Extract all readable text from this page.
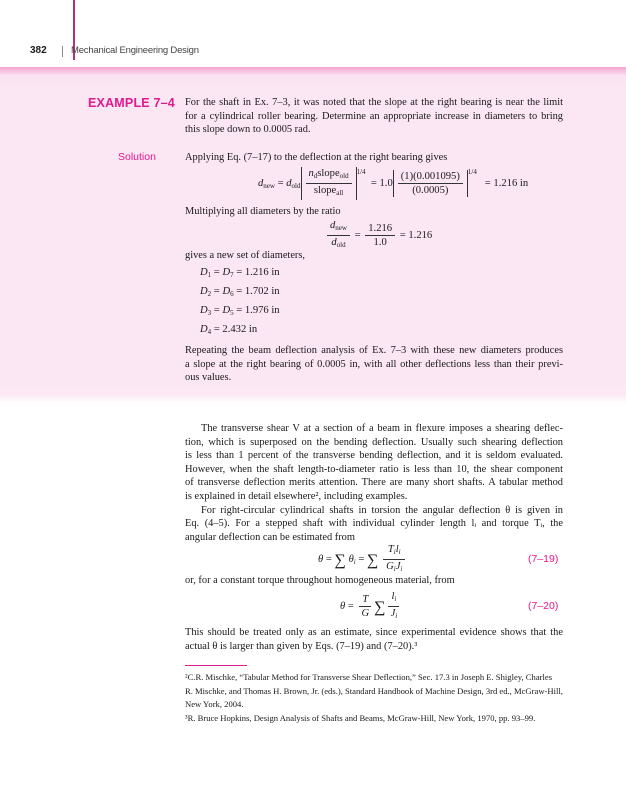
382	Mechanical Engineering Design
EXAMPLE 7–4 For the shaft in Ex. 7–3, it was noted that the slope at the right bearing is near the limit
for a cylindrical roller bearing. Determine an appropriate increase in diameters to bring
this slope down to 0.0005 rad.
Solution	Applying Eq. (7–17) to the deflection at the right bearing gives
$d_{new} = d_{old} \frac{n_dslope_{old}}{slope_{all}} ^{1/4} = 1.0 \frac{(1)(0.001095)}{(0.0005)} ^{1/4} = 1.216$ in
Multiplying all diameters by the ratio
$\frac{d_{new}}{d_{old}} = \frac{1.216}{1.0} = 1.216$
gives a new set of diameters,
$D_1 = D_7 = 1.216$ in
$D_2 = D_6 = 1.702$ in
$D_3 = D_5 = 1.976$ in
$D_4 = 2.432$ in
Repeating the beam deflection analysis of Ex. 7–3 with these new diameters produces
a slope at the right bearing of 0.0005 in, with all other deflections less than their previ-
ous values.
The transverse shear V at a section of a beam in flexure imposes a shearing deflec-
tion, which is superposed on the bending deflection. Usually such shearing deflection
is less than 1 percent of the transverse bending deflection, and it is seldom evaluated.
However, when the shaft length-to-diameter ratio is less than 10, the shear component
of transverse deflection merits attention. There are many short shafts. A tabular method
is explained in detail elsewhere², including examples.
For right-circular cylindrical shafts in torsion the angular deflection θ is given in
Eq. (4–5). For a stepped shaft with individual cylinder length lᵢ and torque Tᵢ, the
angular deflection can be estimated from
θ = ∑ $\theta_i$ = ∑ $\frac{T_il_i}{G_iJ_i}$	(7–19)
or, for a constant torque throughout homogeneous material, from
$\theta = \frac{T}{G}$ ∑ $\frac{l_i}{J_i}$	(7–20)
This should be treated only as an estimate, since experimental evidence shows that the
actual θ is larger than given by Eqs. (7–19) and (7–20).³
²C.R. Mischke, “Tabular Method for Transverse Shear Deflection,” Sec. 17.3 in Joseph E. Shigley, Charles
R. Mischke, and Thomas H. Brown, Jr. (eds.), Standard Handbook of Machine Design, 3rd ed., McGraw-Hill,
New York, 2004.
³R. Bruce Hopkins, Design Analysis of Shafts and Beams, McGraw-Hill, New York, 1970, pp. 93–99.
